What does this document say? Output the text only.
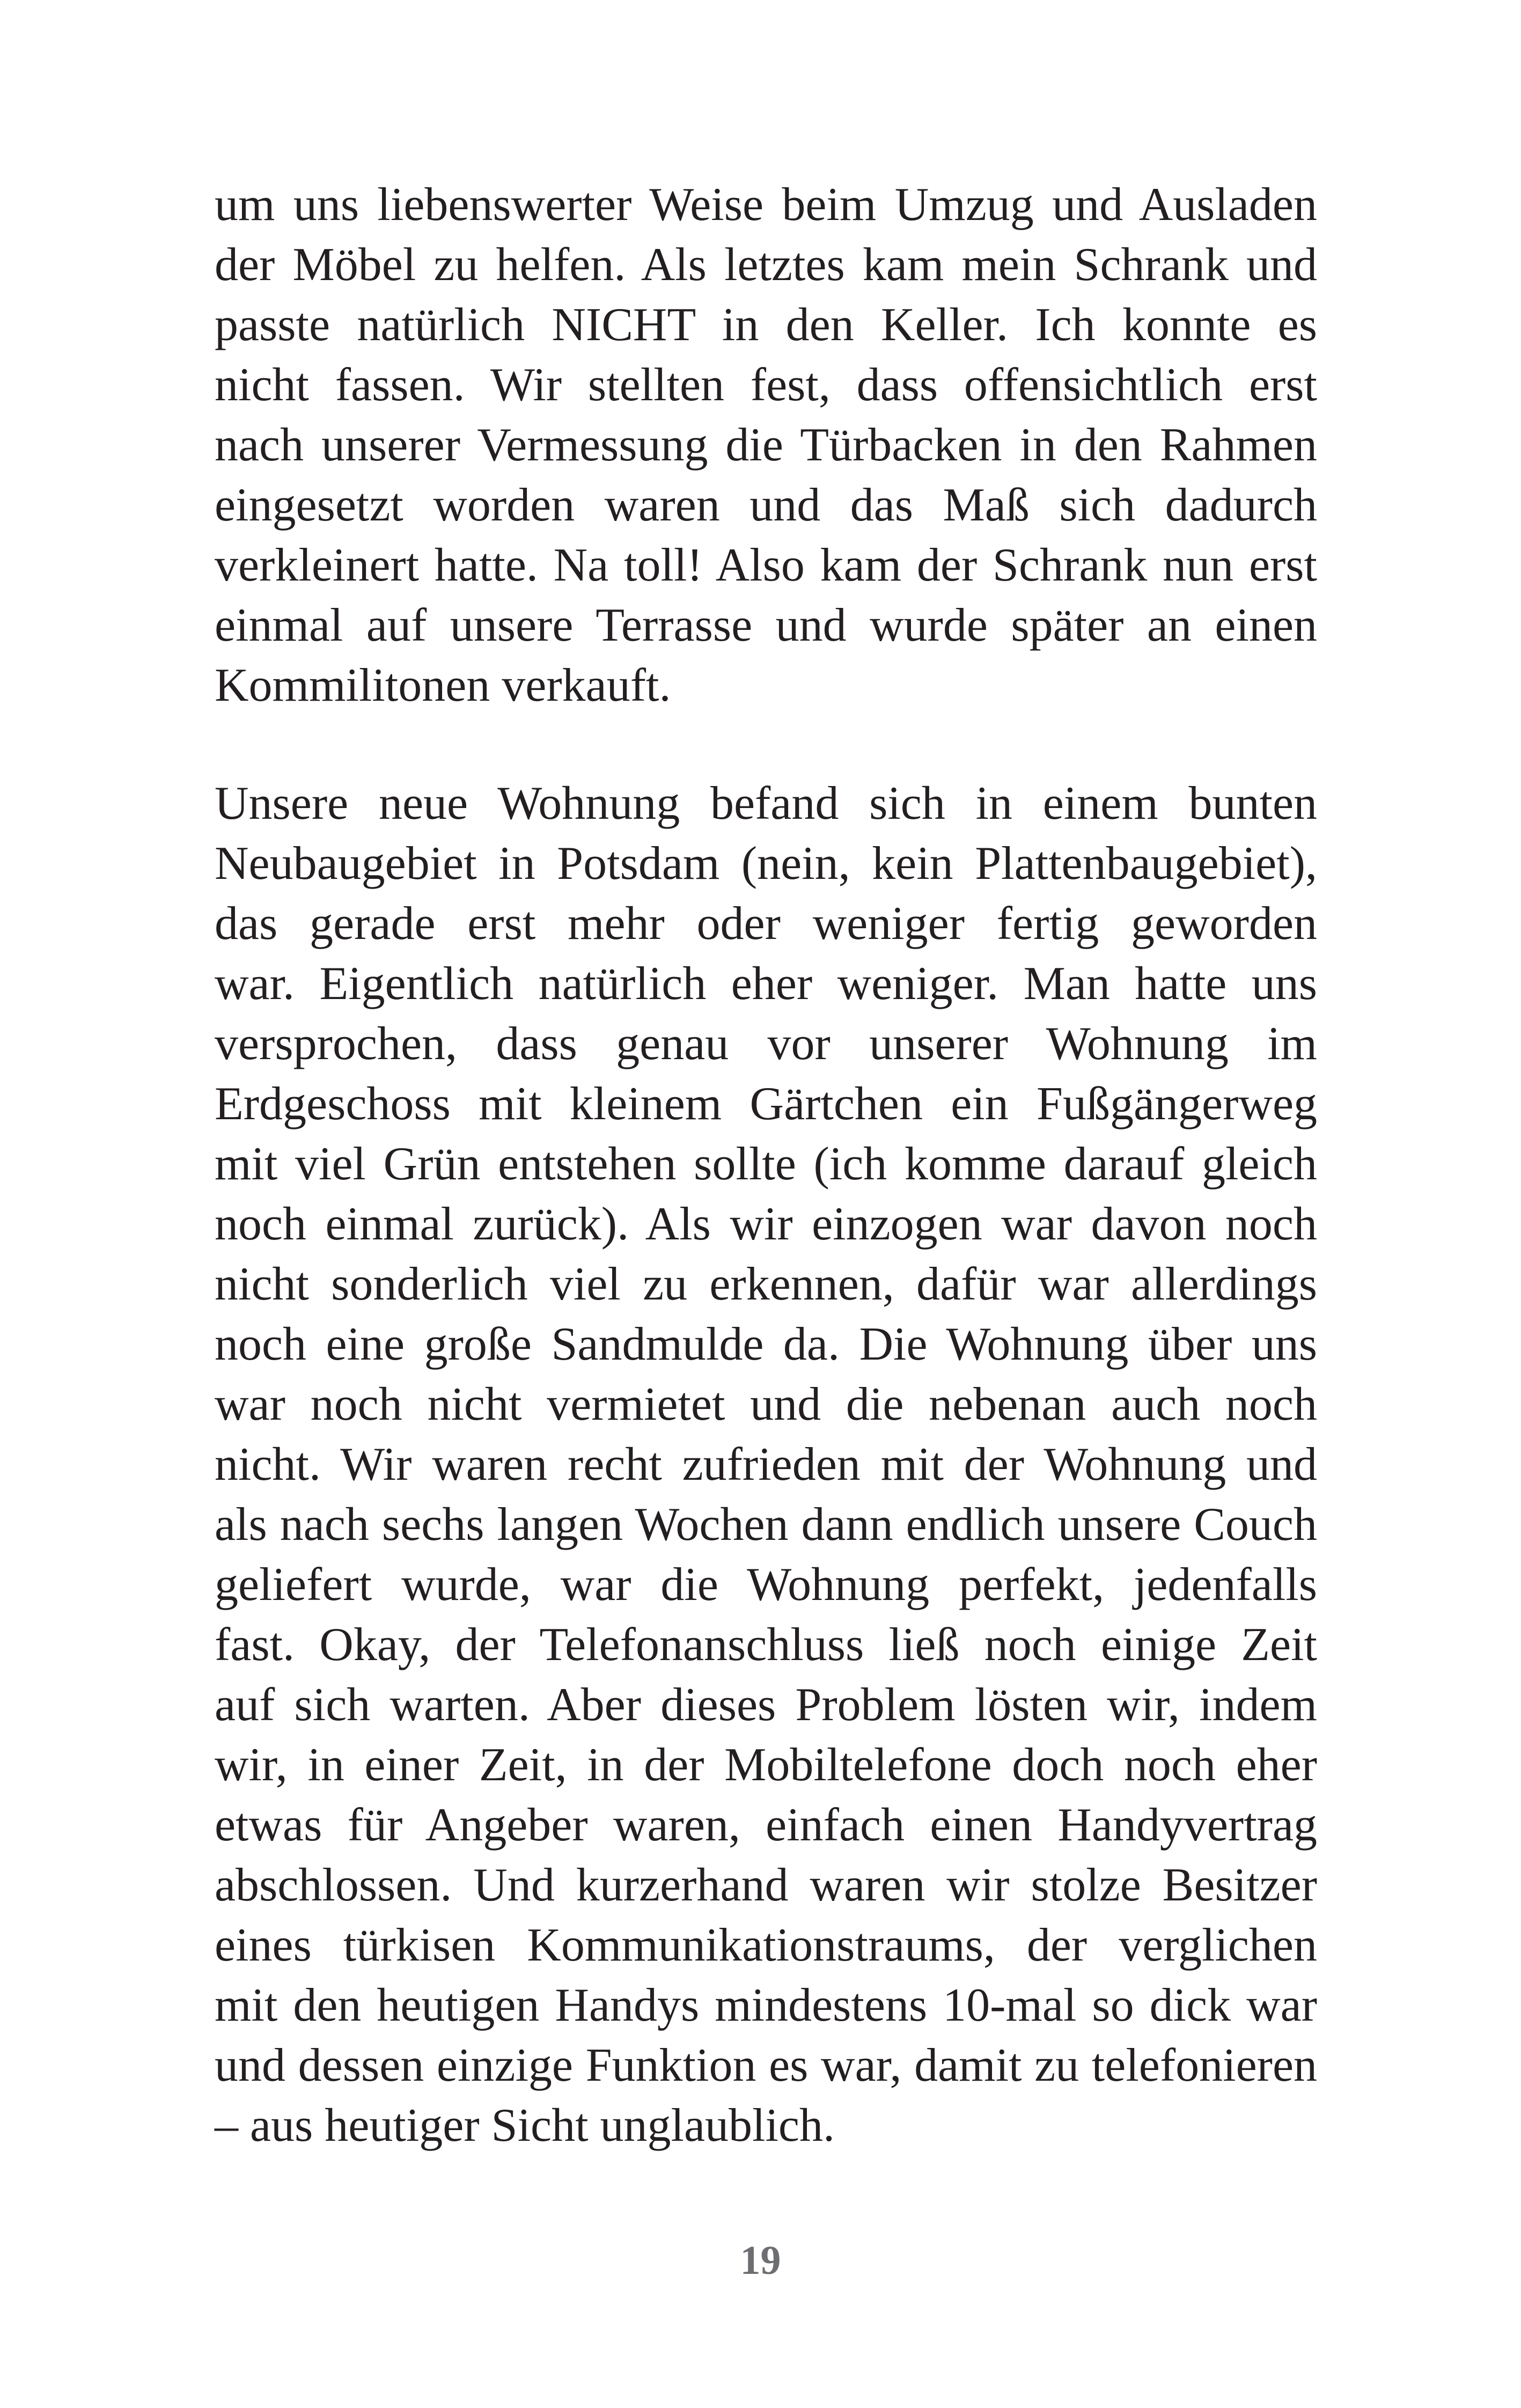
um uns liebenswerter Weise beim Umzug und Ausladen
der Möbel zu helfen. Als letztes kam mein Schrank und
passte natürlich NICHT in den Keller. Ich konnte es
nicht fassen. Wir stellten fest, dass offensichtlich erst
nach unserer Vermessung die Türbacken in den Rahmen
eingesetzt worden waren und das Maß sich dadurch
verkleinert hatte. Na toll! Also kam der Schrank nun erst
einmal auf unsere Terrasse und wurde später an einen
Kommilitonen verkauft.
Unsere neue Wohnung befand sich in einem bunten
Neubaugebiet in Potsdam (nein, kein Plattenbaugebiet),
das gerade erst mehr oder weniger fertig geworden
war. Eigentlich natürlich eher weniger. Man hatte uns
versprochen, dass genau vor unserer Wohnung im
Erdgeschoss mit kleinem Gärtchen ein Fußgängerweg
mit viel Grün entstehen sollte (ich komme darauf gleich
noch einmal zurück). Als wir einzogen war davon noch
nicht sonderlich viel zu erkennen, dafür war allerdings
noch eine große Sandmulde da. Die Wohnung über uns
war noch nicht vermietet und die nebenan auch noch
nicht. Wir waren recht zufrieden mit der Wohnung und
als nach sechs langen Wochen dann endlich unsere Couch
geliefert wurde, war die Wohnung perfekt, jedenfalls
fast. Okay, der Telefonanschluss ließ noch einige Zeit
auf sich warten. Aber dieses Problem lösten wir, indem
wir, in einer Zeit, in der Mobiltelefone doch noch eher
etwas für Angeber waren, einfach einen Handyvertrag
abschlossen. Und kurzerhand waren wir stolze Besitzer
eines türkisen Kommunikationstraums, der verglichen
mit den heutigen Handys mindestens 10-mal so dick war
und dessen einzige Funktion es war, damit zu telefonieren
– aus heutiger Sicht unglaublich.
19
